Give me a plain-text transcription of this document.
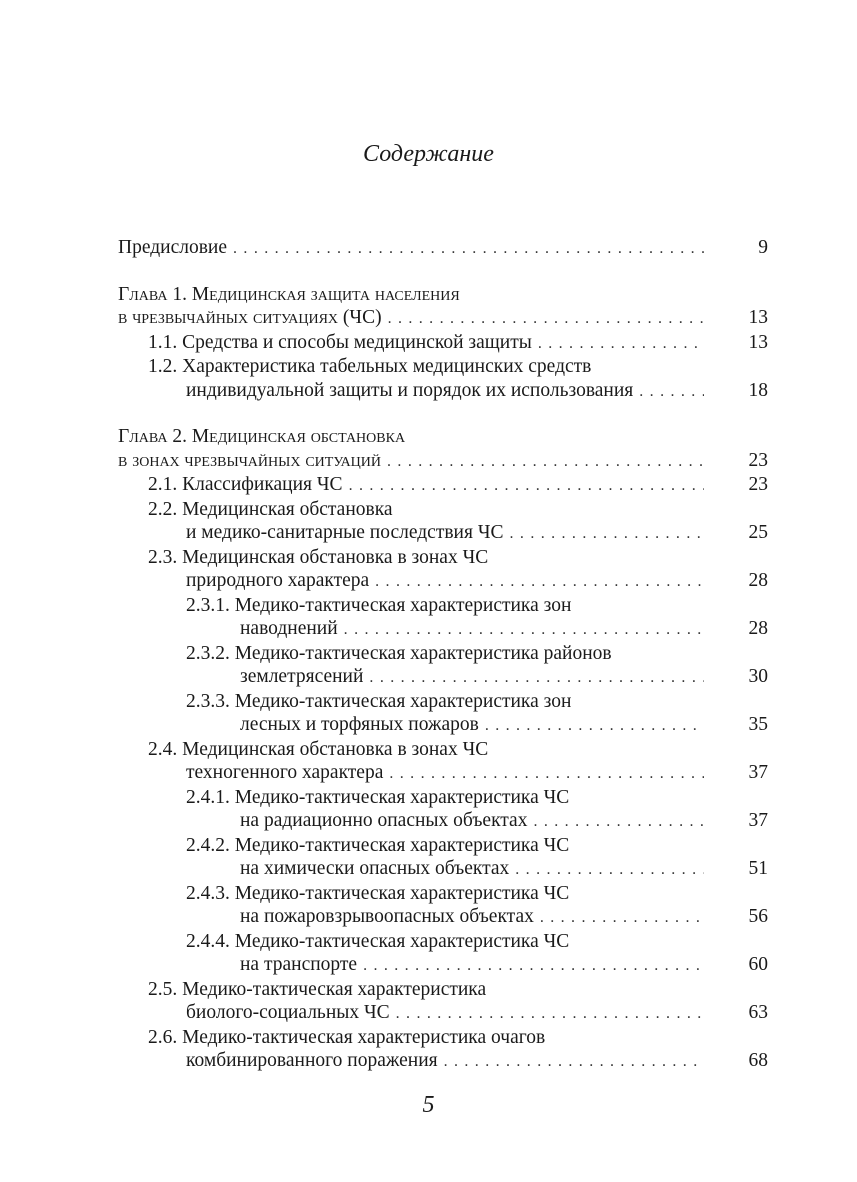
Содержание
Предисловие . . .	9
Глава 1. Медицинская защита населения
в чрезвычайных ситуациях (ЧС) . . .	13
1.1. Средства и способы медицинской защиты . . .	13
1.2. Характеристика табельных медицинских средств
индивидуальной защиты и порядок их использования . . .	18
Глава 2. Медицинская обстановка
в зонах чрезвычайных ситуаций . . .	23
2.1. Классификация ЧС . . .	23
2.2. Медицинская обстановка
и медико-санитарные последствия ЧС . . .	25
2.3. Медицинская обстановка в зонах ЧС
природного характера . . .	28
2.3.1. Медико-тактическая характеристика зон
наводнений . . .	28
2.3.2. Медико-тактическая характеристика районов
землетрясений . . .	30
2.3.3. Медико-тактическая характеристика зон
лесных и торфяных пожаров . . .	35
2.4. Медицинская обстановка в зонах ЧС
техногенного характера . . .	37
2.4.1. Медико-тактическая характеристика ЧС
на радиационно опасных объектах . . .	37
2.4.2. Медико-тактическая характеристика ЧС
на химически опасных объектах . . .	51
2.4.3. Медико-тактическая характеристика ЧС
на пожаровзрывоопасных объектах . . .	56
2.4.4. Медико-тактическая характеристика ЧС
на транспорте . . .	60
2.5. Медико-тактическая характеристика
биолого-социальных ЧС . . .	63
2.6. Медико-тактическая характеристика очагов
комбинированного поражения . . .	68
5
